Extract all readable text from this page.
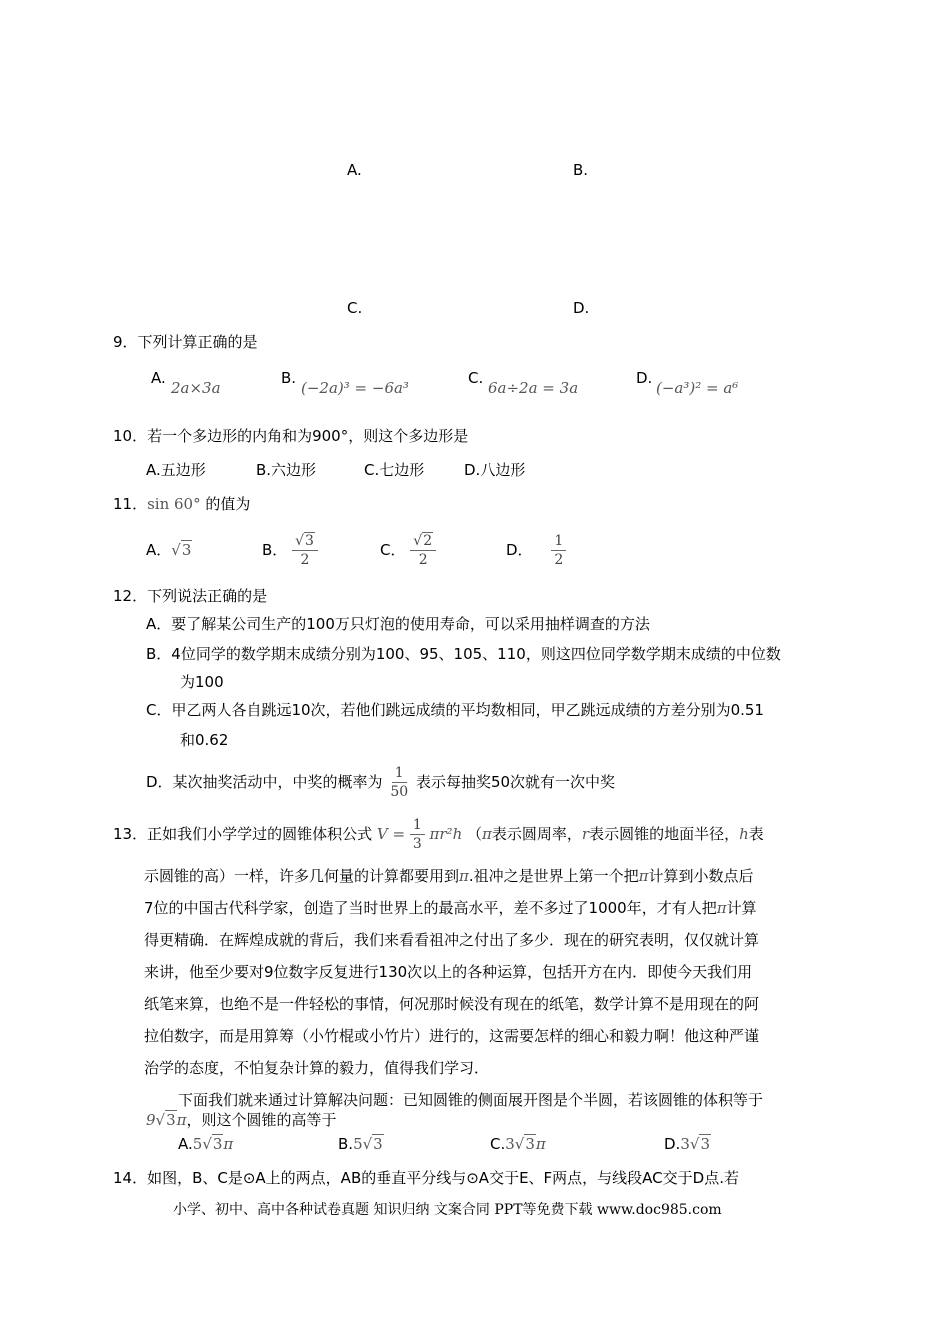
A.	B.
C.	D.
9．下列计算正确的是
A.
2a×3a
B.
(−2a)³ = −6a³
C.
6a÷2a = 3a
D.
(−a³)² = a⁶
10．若一个多边形的内角和为900°，则这个多边形是
A.五边形	B.六边形	C.七边形	D.八边形
11．sin 60° 的值为
A．√3	B． $\frac{√3}{2}$	C． $\frac{√2}{2}$	D． $\frac{1}{2}$
12．下列说法正确的是
A．要了解某公司生产的100万只灯泡的使用寿命，可以采用抽样调查的方法
B．4位同学的数学期末成绩分别为100、95、105、110，则这四位同学数学期末成绩的中位数
为100
C．甲乙两人各自跳远10次，若他们跳远成绩的平均数相同，甲乙跳远成绩的方差分别为0.51
和0.62
D．某次抽奖活动中，中奖的概率为 $\frac{1}{50}$ 表示每抽奖50次就有一次中奖
13．正如我们小学学过的圆锥体积公式 $V = \frac{1}{3} \pi r^2h$ （π表示圆周率，r表示圆锥的地面半径，h表
示圆锥的高）一样，许多几何量的计算都要用到π.祖冲之是世界上第一个把π计算到小数点后
7位的中国古代科学家，创造了当时世界上的最高水平，差不多过了1000年，才有人把π计算
得更精确．在辉煌成就的背后，我们来看看祖冲之付出了多少．现在的研究表明，仅仅就计算
来讲，他至少要对9位数字反复进行130次以上的各种运算，包括开方在内．即使今天我们用
纸笔来算，也绝不是一件轻松的事情，何况那时候没有现在的纸笔，数学计算不是用现在的阿
拉伯数字，而是用算筹（小竹棍或小竹片）进行的，这需要怎样的细心和毅力啊！他这种严谨
治学的态度，不怕复杂计算的毅力，值得我们学习．
下面我们就来通过计算解决问题：已知圆锥的侧面展开图是个半圆，若该圆锥的体积等于
9√3π，则这个圆锥的高等于
A.5√3π	B.5√3	C.3√3π	D.3√3
14．如图，B、C是⊙A上的两点，AB的垂直平分线与⊙A交于E、F两点，与线段AC交于D点.若
小学、初中、高中各种试卷真题 知识归纳 文案合同 PPT等免费下载 www.doc985.com
